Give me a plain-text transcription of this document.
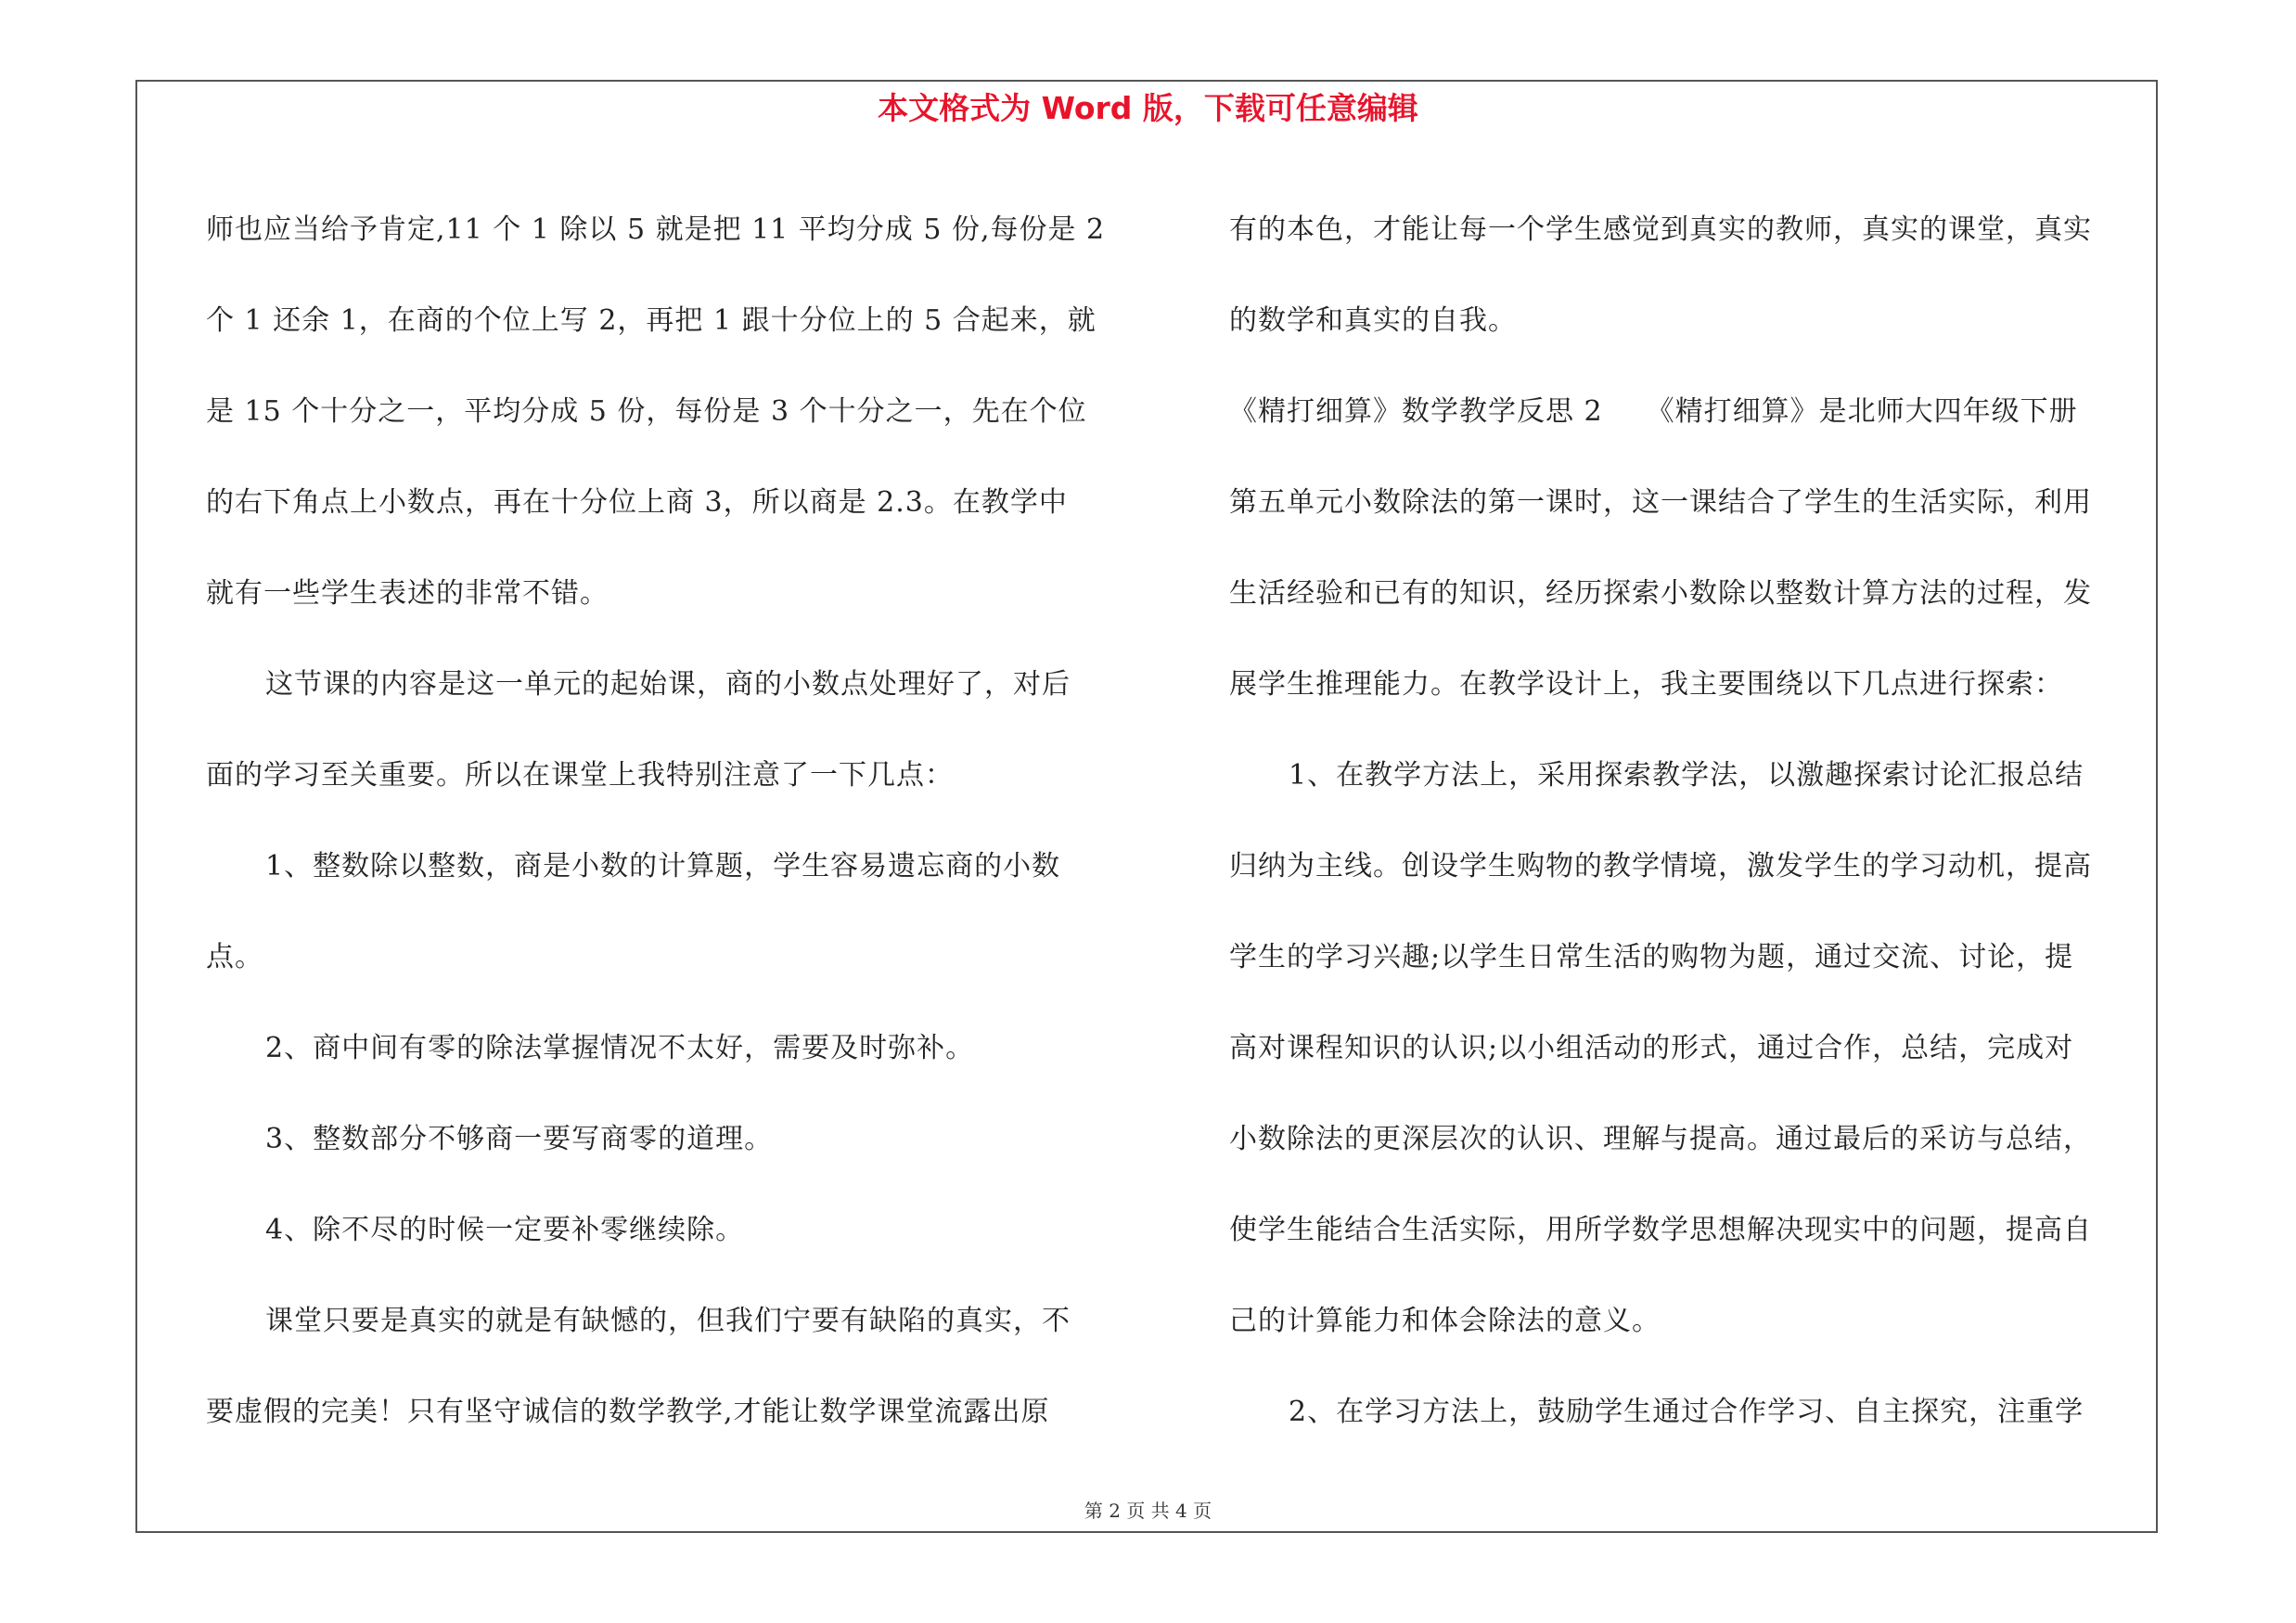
本文格式为 Word 版，下载可任意编辑
师也应当给予肯定,11 个 1 除以 5 就是把 11 平均分成 5 份,每份是 2
个 1 还余 1，在商的个位上写 2，再把 1 跟十分位上的 5 合起来，就
是 15 个十分之一，平均分成 5 份，每份是 3 个十分之一，先在个位
的右下角点上小数点，再在十分位上商 3，所以商是 2.3。在教学中
就有一些学生表述的非常不错。
这节课的内容是这一单元的起始课，商的小数点处理好了，对后
面的学习至关重要。所以在课堂上我特别注意了一下几点：
1、整数除以整数，商是小数的计算题，学生容易遗忘商的小数
点。
2、商中间有零的除法掌握情况不太好，需要及时弥补。
3、整数部分不够商一要写商零的道理。
4、除不尽的时候一定要补零继续除。
课堂只要是真实的就是有缺憾的，但我们宁要有缺陷的真实，不
要虚假的完美！只有坚守诚信的数学教学,才能让数学课堂流露出原
有的本色，才能让每一个学生感觉到真实的教师，真实的课堂，真实
的数学和真实的自我。
《精打细算》数学教学反思 2　　《精打细算》是北师大四年级下册
第五单元小数除法的第一课时，这一课结合了学生的生活实际，利用
生活经验和已有的知识，经历探索小数除以整数计算方法的过程，发
展学生推理能力。在教学设计上，我主要围绕以下几点进行探索：
1、在教学方法上，采用探索教学法，以激趣探索讨论汇报总结
归纳为主线。创设学生购物的教学情境，激发学生的学习动机，提高
学生的学习兴趣;以学生日常生活的购物为题，通过交流、讨论，提
高对课程知识的认识;以小组活动的形式，通过合作，总结，完成对
小数除法的更深层次的认识、理解与提高。通过最后的采访与总结，
使学生能结合生活实际，用所学数学思想解决现实中的问题，提高自
己的计算能力和体会除法的意义。
2、在学习方法上，鼓励学生通过合作学习、自主探究，注重学
第 2 页 共 4 页
